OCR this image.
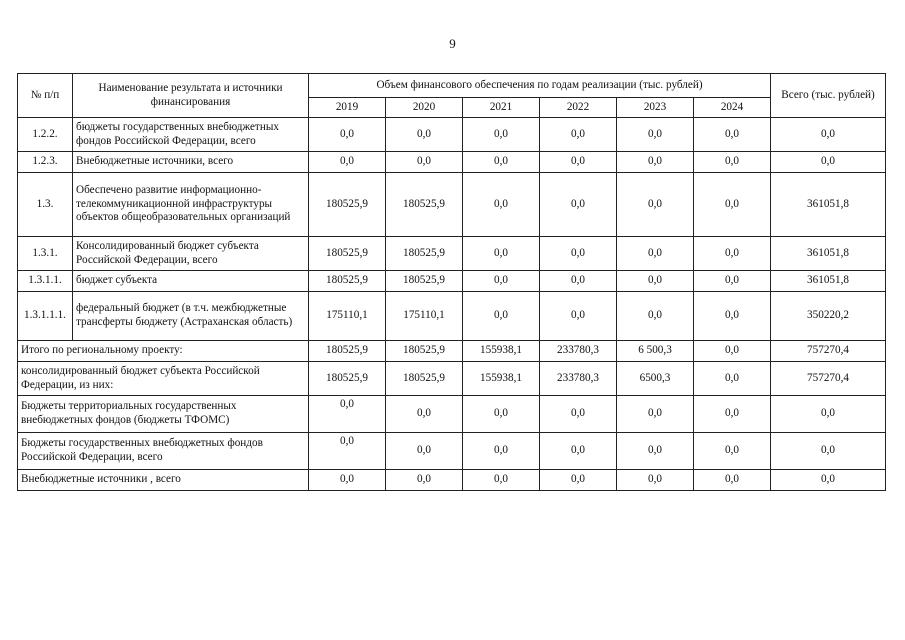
9
№ п/п	Наименование результата и источники финансирования	Объем финансового обеспечения по годам реализации (тыс. рублей)						Всего (тыс. рублей)
		2019	2020	2021	2022	2023	2024	
1.2.2.	бюджеты государственных внебюджетных фондов Российской Федерации, всего	0,0	0,0	0,0	0,0	0,0	0,0	0,0
1.2.3.	Внебюджетные источники, всего	0,0	0,0	0,0	0,0	0,0	0,0	0,0
1.3.	Обеспечено развитие информационно-телекоммуникационной инфраструктуры объектов общеобразовательных организаций	180525,9	180525,9	0,0	0,0	0,0	0,0	361051,8
1.3.1.	Консолидированный бюджет субъекта Российской Федерации, всего	180525,9	180525,9	0,0	0,0	0,0	0,0	361051,8
1.3.1.1.	бюджет субъекта	180525,9	180525,9	0,0	0,0	0,0	0,0	361051,8
1.3.1.1.1.	федеральный бюджет (в т.ч. межбюджетные трансферты бюджету (Астраханская область)	175110,1	175110,1	0,0	0,0	0,0	0,0	350220,2
Итого по региональному проекту:		180525,9	180525,9	155938,1	233780,3	6 500,3	0,0	757270,4
консолидированный бюджет субъекта Российской Федерации, из них:		180525,9	180525,9	155938,1	233780,3	6500,3	0,0	757270,4
Бюджеты территориальных государственных внебюджетных фондов (бюджеты ТФОМС)		0,0	0,0	0,0	0,0	0,0	0,0	0,0
Бюджеты государственных внебюджетных фондов Российской Федерации, всего		0,0	0,0	0,0	0,0	0,0	0,0	0,0
Внебюджетные источники , всего		0,0	0,0	0,0	0,0	0,0	0,0	0,0
